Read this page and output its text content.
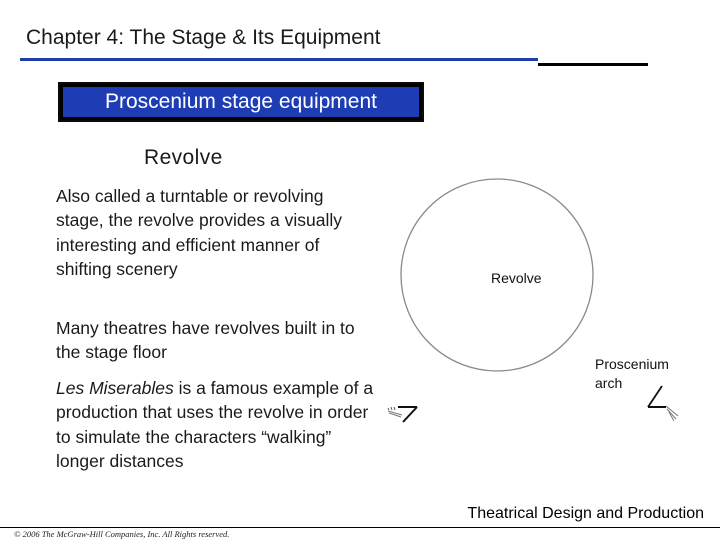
Chapter 4: The Stage & Its Equipment
Proscenium stage equipment
Revolve

Also called a turntable or revolving stage, the revolve provides a visually interesting and efficient manner of shifting scenery

Many theatres have revolves built in to the stage floor

Les Miserables is a famous example of a production that uses the revolve in order to simulate the characters “walking” longer distances

Revolve
Proscenium
arch
Theatrical Design and Production
© 2006 The McGraw-Hill Companies, Inc. All Rights reserved.
